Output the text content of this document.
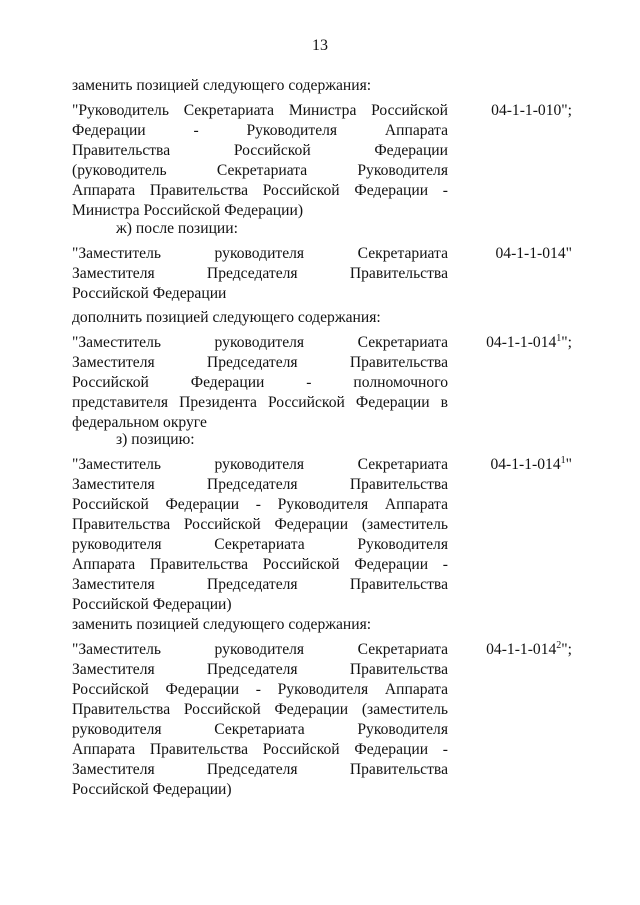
13
заменить позицией следующего содержания:
"Руководитель Секретариата Министра Российской
Федерации - Руководителя Аппарата
Правительства Российской Федерации
(руководитель Секретариата Руководителя
Аппарата Правительства Российской Федерации -
Министра Российской Федерации)
04-1-1-010";
ж) после позиции:
"Заместитель руководителя Секретариата
Заместителя Председателя Правительства
Российской Федерации
04-1-1-014"
дополнить позицией следующего содержания:
"Заместитель руководителя Секретариата
Заместителя Председателя Правительства
Российской Федерации - полномочного
представителя Президента Российской Федерации в
федеральном округе
$04-1-1-014^1$";
з) позицию:
"Заместитель руководителя Секретариата
Заместителя Председателя Правительства
Российской Федерации - Руководителя Аппарата
Правительства Российской Федерации (заместитель
руководителя Секретариата Руководителя
Аппарата Правительства Российской Федерации -
Заместителя Председателя Правительства
Российской Федерации)
$04-1-1-014^1$"
заменить позицией следующего содержания:
"Заместитель руководителя Секретариата
Заместителя Председателя Правительства
Российской Федерации - Руководителя Аппарата
Правительства Российской Федерации (заместитель
руководителя Секретариата Руководителя
Аппарата Правительства Российской Федерации -
Заместителя Председателя Правительства
Российской Федерации)
$04-1-1-014^2$";
